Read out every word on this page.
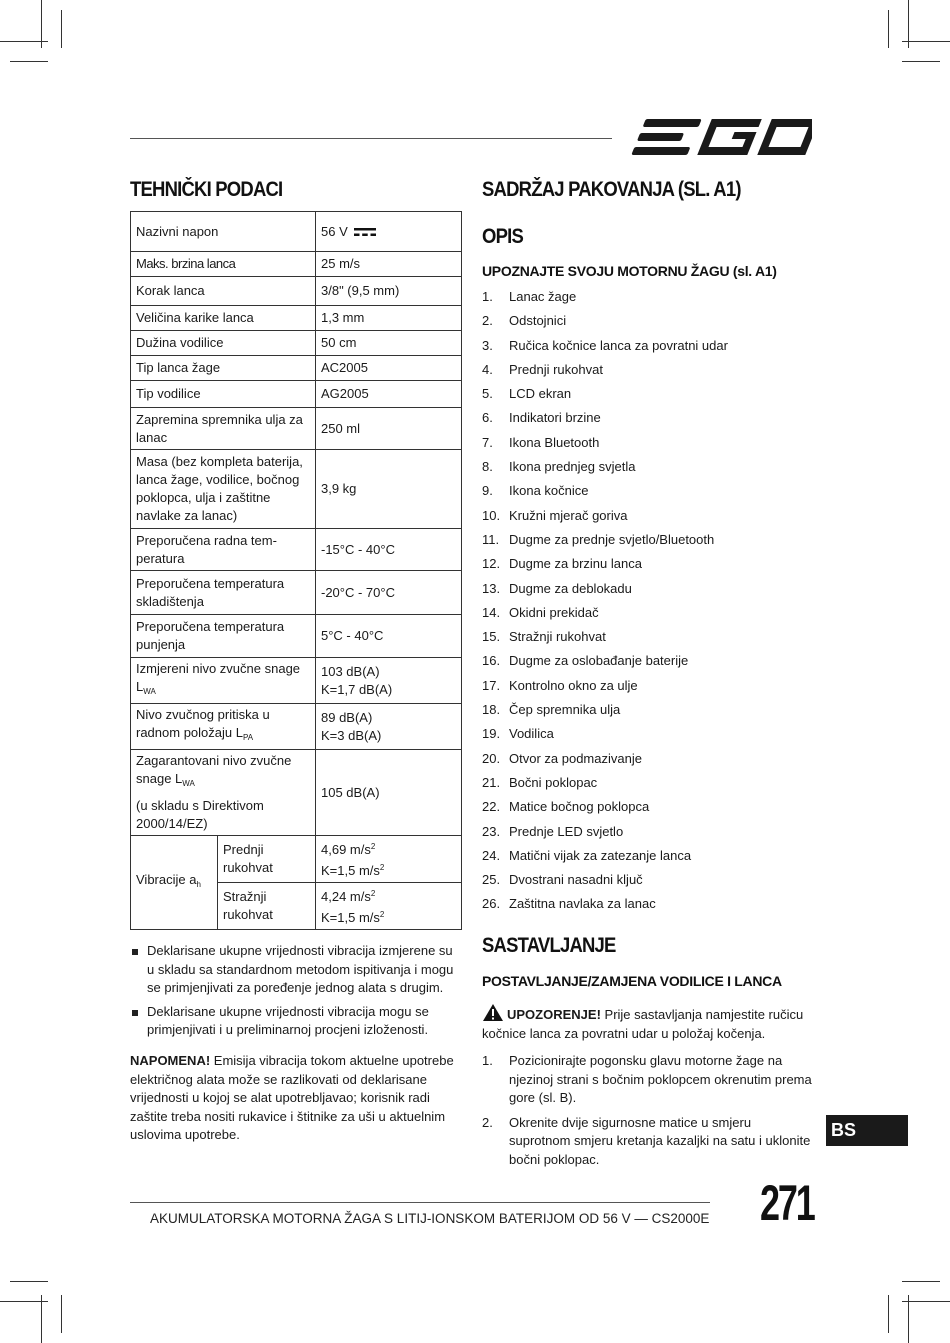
TEHNIČKI PODACI
Nazivni napon		56 V
Maks. brzina lanca		25 m/s
Korak lanca		3/8" (9,5 mm)
Veličina karike lanca		1,3 mm
Dužina vodilice		50 cm
Tip lanca žage		AC2005
Tip vodilice		AG2005
Zapremina spremnika ulja za lanac		250 ml
Masa (bez kompleta baterija, lanca žage, vodilice, bočnog poklopca, ulja i zaštitne navlake za lanac)		3,9 kg
Preporučena radna tem- peratura		-15°C - 40°C
Preporučena temperatura skladištenja		-20°C - 70°C
Preporučena temperatura punjenja		5°C - 40°C
Izmjereni nivo zvučne snage $L_{WA}$		103 dB(A)
K=1,7 dB(A)

Nivo zvučnog pritiska u radnom položaju $L_{PA}$		89 dB(A)
K=3 dB(A)

Zagarantovani nivo zvučne snage $L_{WA}$
(u skladu s Direktivom 2000/14/EZ)		105 dB(A)
Vibracije $a_h$	Prednji rukohvat	4,69 $m/s^2$
K=1,5 $m/s^2$

	Stražnji rukohvat	4,24 $m/s^2$
K=1,5 $m/s^2$
Deklarisane ukupne vrijednosti vibracija izmjerene su u skladu sa standardnom metodom ispitivanja i mogu se primjenjivati za poređenje jednog alata s drugim.
Deklarisane ukupne vrijednosti vibracija mogu se primjenjivati i u preliminarnoj procjeni izloženosti.
NAPOMENA! Emisija vibracija tokom aktuelne upotrebe električnog alata može se razlikovati od deklarisane vrijednosti u kojoj se alat upotrebljavao; korisnik radi zaštite treba nositi rukavice i štitnike za uši u aktuelnim uslovima upotrebe.
SADRŽAJ PAKOVANJA (SL. A1)
OPIS
UPOZNAJTE SVOJU MOTORNU ŽAGU (sl. A1)
1. Lanac žage
2. Odstojnici
3. Ručica kočnice lanca za povratni udar
4. Prednji rukohvat
5. LCD ekran
6. Indikatori brzine
7. Ikona Bluetooth
8. Ikona prednjeg svjetla
9. Ikona kočnice
10. Kružni mjerač goriva
11. Dugme za prednje svjetlo/Bluetooth
12. Dugme za brzinu lanca
13. Dugme za deblokadu
14. Okidni prekidač
15. Stražnji rukohvat
16. Dugme za oslobađanje baterije
17. Kontrolno okno za ulje
18. Čep spremnika ulja
19. Vodilica
20. Otvor za podmazivanje
21. Bočni poklopac
22. Matice bočnog poklopca
23. Prednje LED svjetlo
24. Matični vijak za zatezanje lanca
25. Dvostrani nasadni ključ
26. Zaštitna navlaka za lanac
SASTAVLJANJE
POSTAVLJANJE/ZAMJENA VODILICE I LANCA
UPOZORENJE! Prije sastavljanja namjestite ručicu kočnice lanca za povratni udar u položaj kočenja.
1. Pozicionirajte pogonsku glavu motorne žage na njezinoj strani s bočnim poklopcem okrenutim prema gore (sl. B).
2. Okrenite dvije sigurnosne matice u smjeru suprotnom smjeru kretanja kazaljki na satu i uklonite bočni poklopac.
BS
AKUMULATORSKA MOTORNA ŽAGA S LITIJ-IONSKOM BATERIJOM OD 56 V — CS2000E 271
